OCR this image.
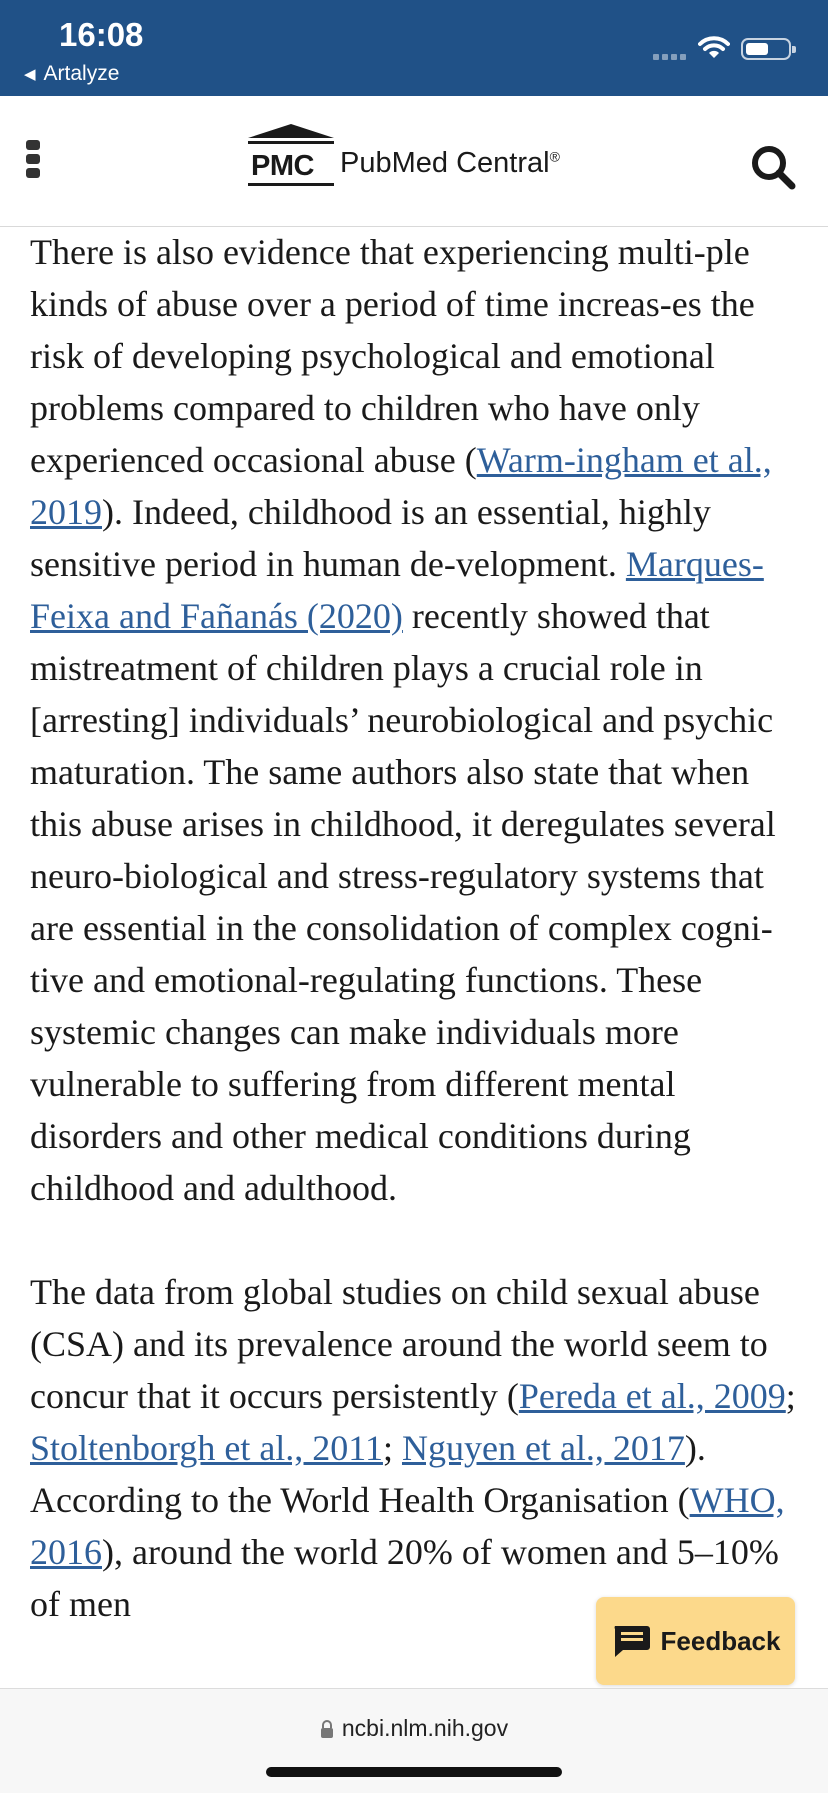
16:08
◀ Artalyze
PMC PubMed Central®

There is also evidence that experiencing multi-ple kinds of abuse over a period of time increas-es the risk of developing psychological and emotional problems compared to children who have only experienced occasional abuse (Warm-ingham et al., 2019). Indeed, childhood is an essential, highly sensitive period in human de-velopment. Marques-Feixa and Fañanás (2020) recently showed that mistreatment of children plays a crucial role in [arresting] individuals’ neurobiological and psychic maturation. The same authors also state that when this abuse arises in childhood, it deregulates several neuro-biological and stress-regulatory systems that are essential in the consolidation of complex cogni-tive and emotional-regulating functions. These systemic changes can make individuals more vulnerable to suffering from different mental disorders and other medical conditions during childhood and adulthood.

The data from global studies on child sexual abuse (CSA) and its prevalence around the world seem to concur that it occurs persistently (Pereda et al., 2009; Stoltenborgh et al., 2011; Nguyen et al., 2017). According to the World Health Organisation (WHO, 2016), around the world 20% of women and 5–10% of men

Feedback
ncbi.nlm.nih.gov
